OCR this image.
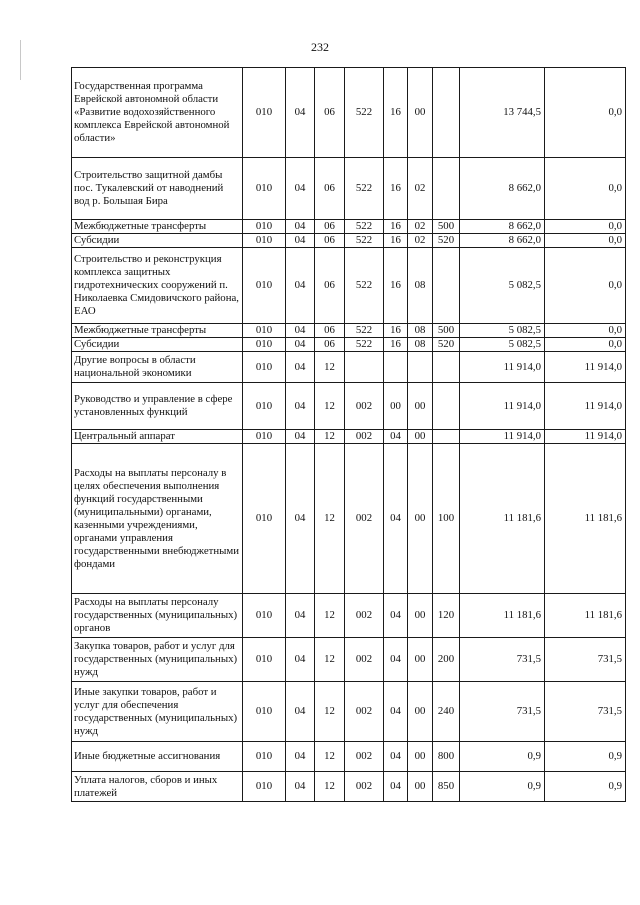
232
Государственная программа Еврейской автономной области «Развитие водохозяйственного комплекса Еврейской автономной области»	010	04	06	522	16	00		13 744,5	0,0
Строительство защитной дамбы пос. Тукалевский от наводнений вод р. Большая Бира	010	04	06	522	16	02		8 662,0	0,0
Межбюджетные трансферты	010	04	06	522	16	02	500	8 662,0	0,0
Субсидии	010	04	06	522	16	02	520	8 662,0	0,0
Строительство и реконструкция комплекса защитных гидротехнических сооружений п. Николаевка Смидовичского района, ЕАО	010	04	06	522	16	08		5 082,5	0,0
Межбюджетные трансферты	010	04	06	522	16	08	500	5 082,5	0,0
Субсидии	010	04	06	522	16	08	520	5 082,5	0,0
Другие вопросы в области национальной экономики	010	04	12					11 914,0	11 914,0
Руководство и управление в сфере установленных функций	010	04	12	002	00	00		11 914,0	11 914,0
Центральный аппарат	010	04	12	002	04	00		11 914,0	11 914,0
Расходы на выплаты персоналу в целях обеспечения выполнения функций государственными (муниципальными) органами, казенными учреждениями, органами управления государственными внебюджетными фондами	010	04	12	002	04	00	100	11 181,6	11 181,6
Расходы на выплаты персоналу государственных (муниципальных) органов	010	04	12	002	04	00	120	11 181,6	11 181,6
Закупка товаров, работ и услуг для государственных (муниципальных) нужд	010	04	12	002	04	00	200	731,5	731,5
Иные закупки товаров, работ и услуг для обеспечения государственных (муниципальных) нужд	010	04	12	002	04	00	240	731,5	731,5
Иные бюджетные ассигнования	010	04	12	002	04	00	800	0,9	0,9
Уплата налогов, сборов и иных платежей	010	04	12	002	04	00	850	0,9	0,9
